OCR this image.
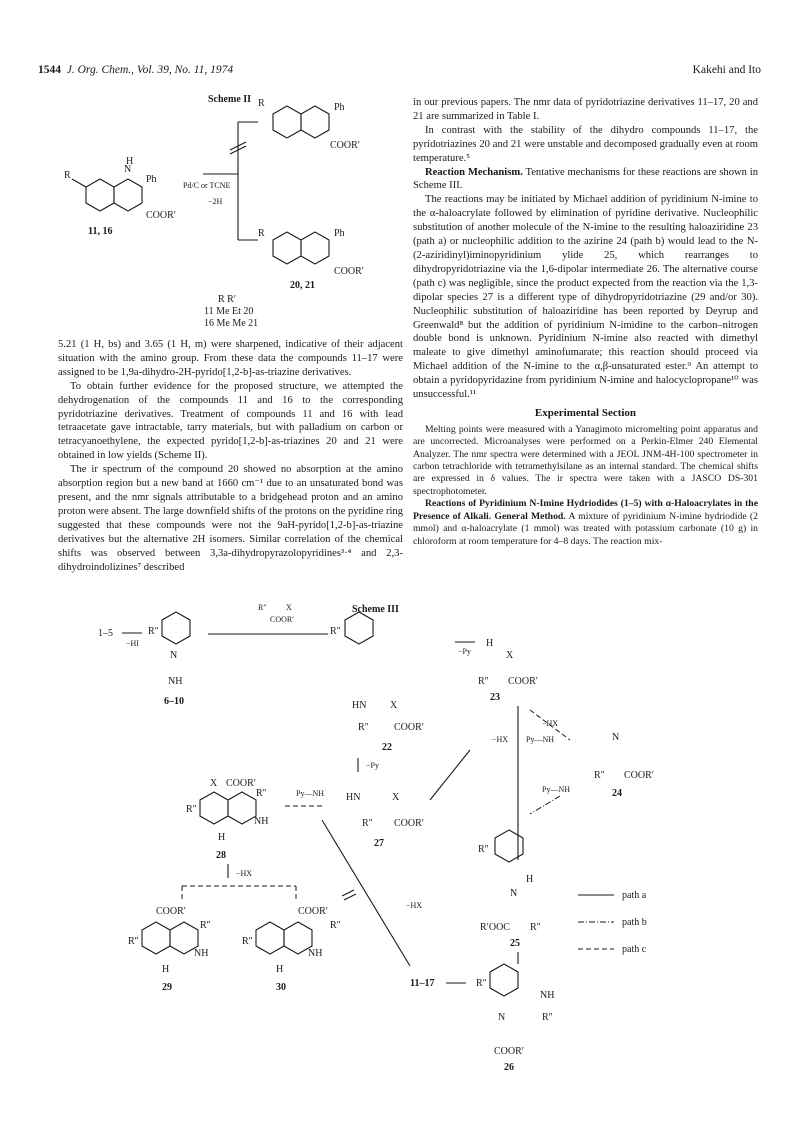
1544 J. Org. Chem., Vol. 39, No. 11, 1974	Kakehi and Ito
Scheme II
R
N
H
Ph
COOR′
11, 16
Pd/C or TCNE
−2H
R	Ph
COOR′
R	Ph
COOR′
20, 21
R R′
11 Me Et 20
16 Me Me 21

5.21 (1 H, bs) and 3.65 (1 H, m) were sharpened, indicative of their adjacent situation with the amino group. From these data the compounds 11–17 were assigned to be 1,9a-dihydro-2H-pyrido[1,2-b]-as-triazine derivatives.

To obtain further evidence for the proposed structure, we attempted the dehydrogenation of the compounds 11 and 16 to the corresponding pyridotriazine derivatives. Treatment of compounds 11 and 16 with lead tetraacetate gave intractable, tarry materials, but with palladium on carbon or tetracyanoethylene, the expected pyrido[1,2-b]-as-triazines 20 and 21 were obtained in low yields (Scheme II).

The ir spectrum of the compound 20 showed no absorption at the amino absorption region but a new band at 1660 cm⁻¹ due to an unsaturated bond was present, and the nmr signals attributable to a bridgehead proton and an amino proton were absent. The large downfield shifts of the protons on the pyridine ring suggested that these compounds were not the 9aH-pyrido[1,2-b]-as-triazine derivatives but the alternative 2H isomers. Similar correlation of the chemical shifts was observed between 3,3a-dihydropyrazolopyridines³·⁴ and 2,3-dihydroindolizines⁷ described

in our previous papers. The nmr data of pyridotriazine derivatives 11–17, 20 and 21 are summarized in Table I.

In contrast with the stability of the dihydro compounds 11–17, the pyridotriazines 20 and 21 were unstable and decomposed gradually even at room temperature.⁵

Reaction Mechanism. Tentative mechanisms for these reactions are shown in Scheme III.

The reactions may be initiated by Michael addition of pyridinium N-imine to the α-haloacrylate followed by elimination of pyridine derivative. Nucleophilic substitution of another molecule of the N-imine to the resulting haloaziridine 23 (path a) or nucleophilic addition to the azirine 24 (path b) would lead to the N-(2-aziridinyl)iminopyridinium ylide 25, which rearranges to dihydropyridotriazine via the 1,6-dipolar intermediate 26. The alternative course (path c) was negligible, since the product expected from the reaction via the 1,3-dipolar species 27 is a different type of dihydropyridotriazine (29 and/or 30). Nucleophilic substitution of haloaziridine has been reported by Deyrup and Greenwald⁸ but the addition of pyridinium N-imidine to the carbon–nitrogen double bond is unknown. Pyridinium N-imine also reacted with dimethyl maleate to give dimethyl aminofumarate; this reaction should proceed via Michael addition of the N-imine to the α,β-unsaturated ester.⁹ An attempt to obtain a pyridopyridazine from pyridinium N-imine and halocyclopropane¹⁰ was unsuccessful.¹¹

Experimental Section

Melting points were measured with a Yanagimoto micromelting point apparatus and are uncorrected. Microanalyses were performed on a Perkin-Elmer 240 Elemental Analyzer. The nmr spectra were determined with a JEOL JNM-4H-100 spectrometer in carbon tetrachloride with tetramethylsilane as an internal standard. The chemical shifts are expressed in δ values. The ir spectra were taken with a JASCO DS-301 spectrophotometer.

Reactions of Pyridinium N-Imine Hydriodides (1–5) with α-Haloacrylates in the Presence of Alkali. General Method. A mixture of pyridinium N-imine hydriodide (2 mmol) and α-haloacrylate (1 mmol) was treated with potassium carbonate (10 g) in chloroform at room temperature for 4–8 days. The reaction mix-

Scheme III
1–5
−HI
R″
N
NH
6–10
R″ X
COOR′
R″
HN X
R″	COOR′
22
−Py
H
X
R″ COOR′
23
−HX
−HX Py—NH	N
R″ COOR′
24
Py—NH
−Py
R″
X COOR′
R″
NH
H
28
Py—NH HN	X
R″ COOR′
27
R″
N
H
R′OOC R″
25
−HX
−HX
R″
COOR′
R″
NH
H
29
R″
COOR′
R″
NH
H
30	11–17	R″
NH
N	R″
COOR′
26
path a
path b
path c
